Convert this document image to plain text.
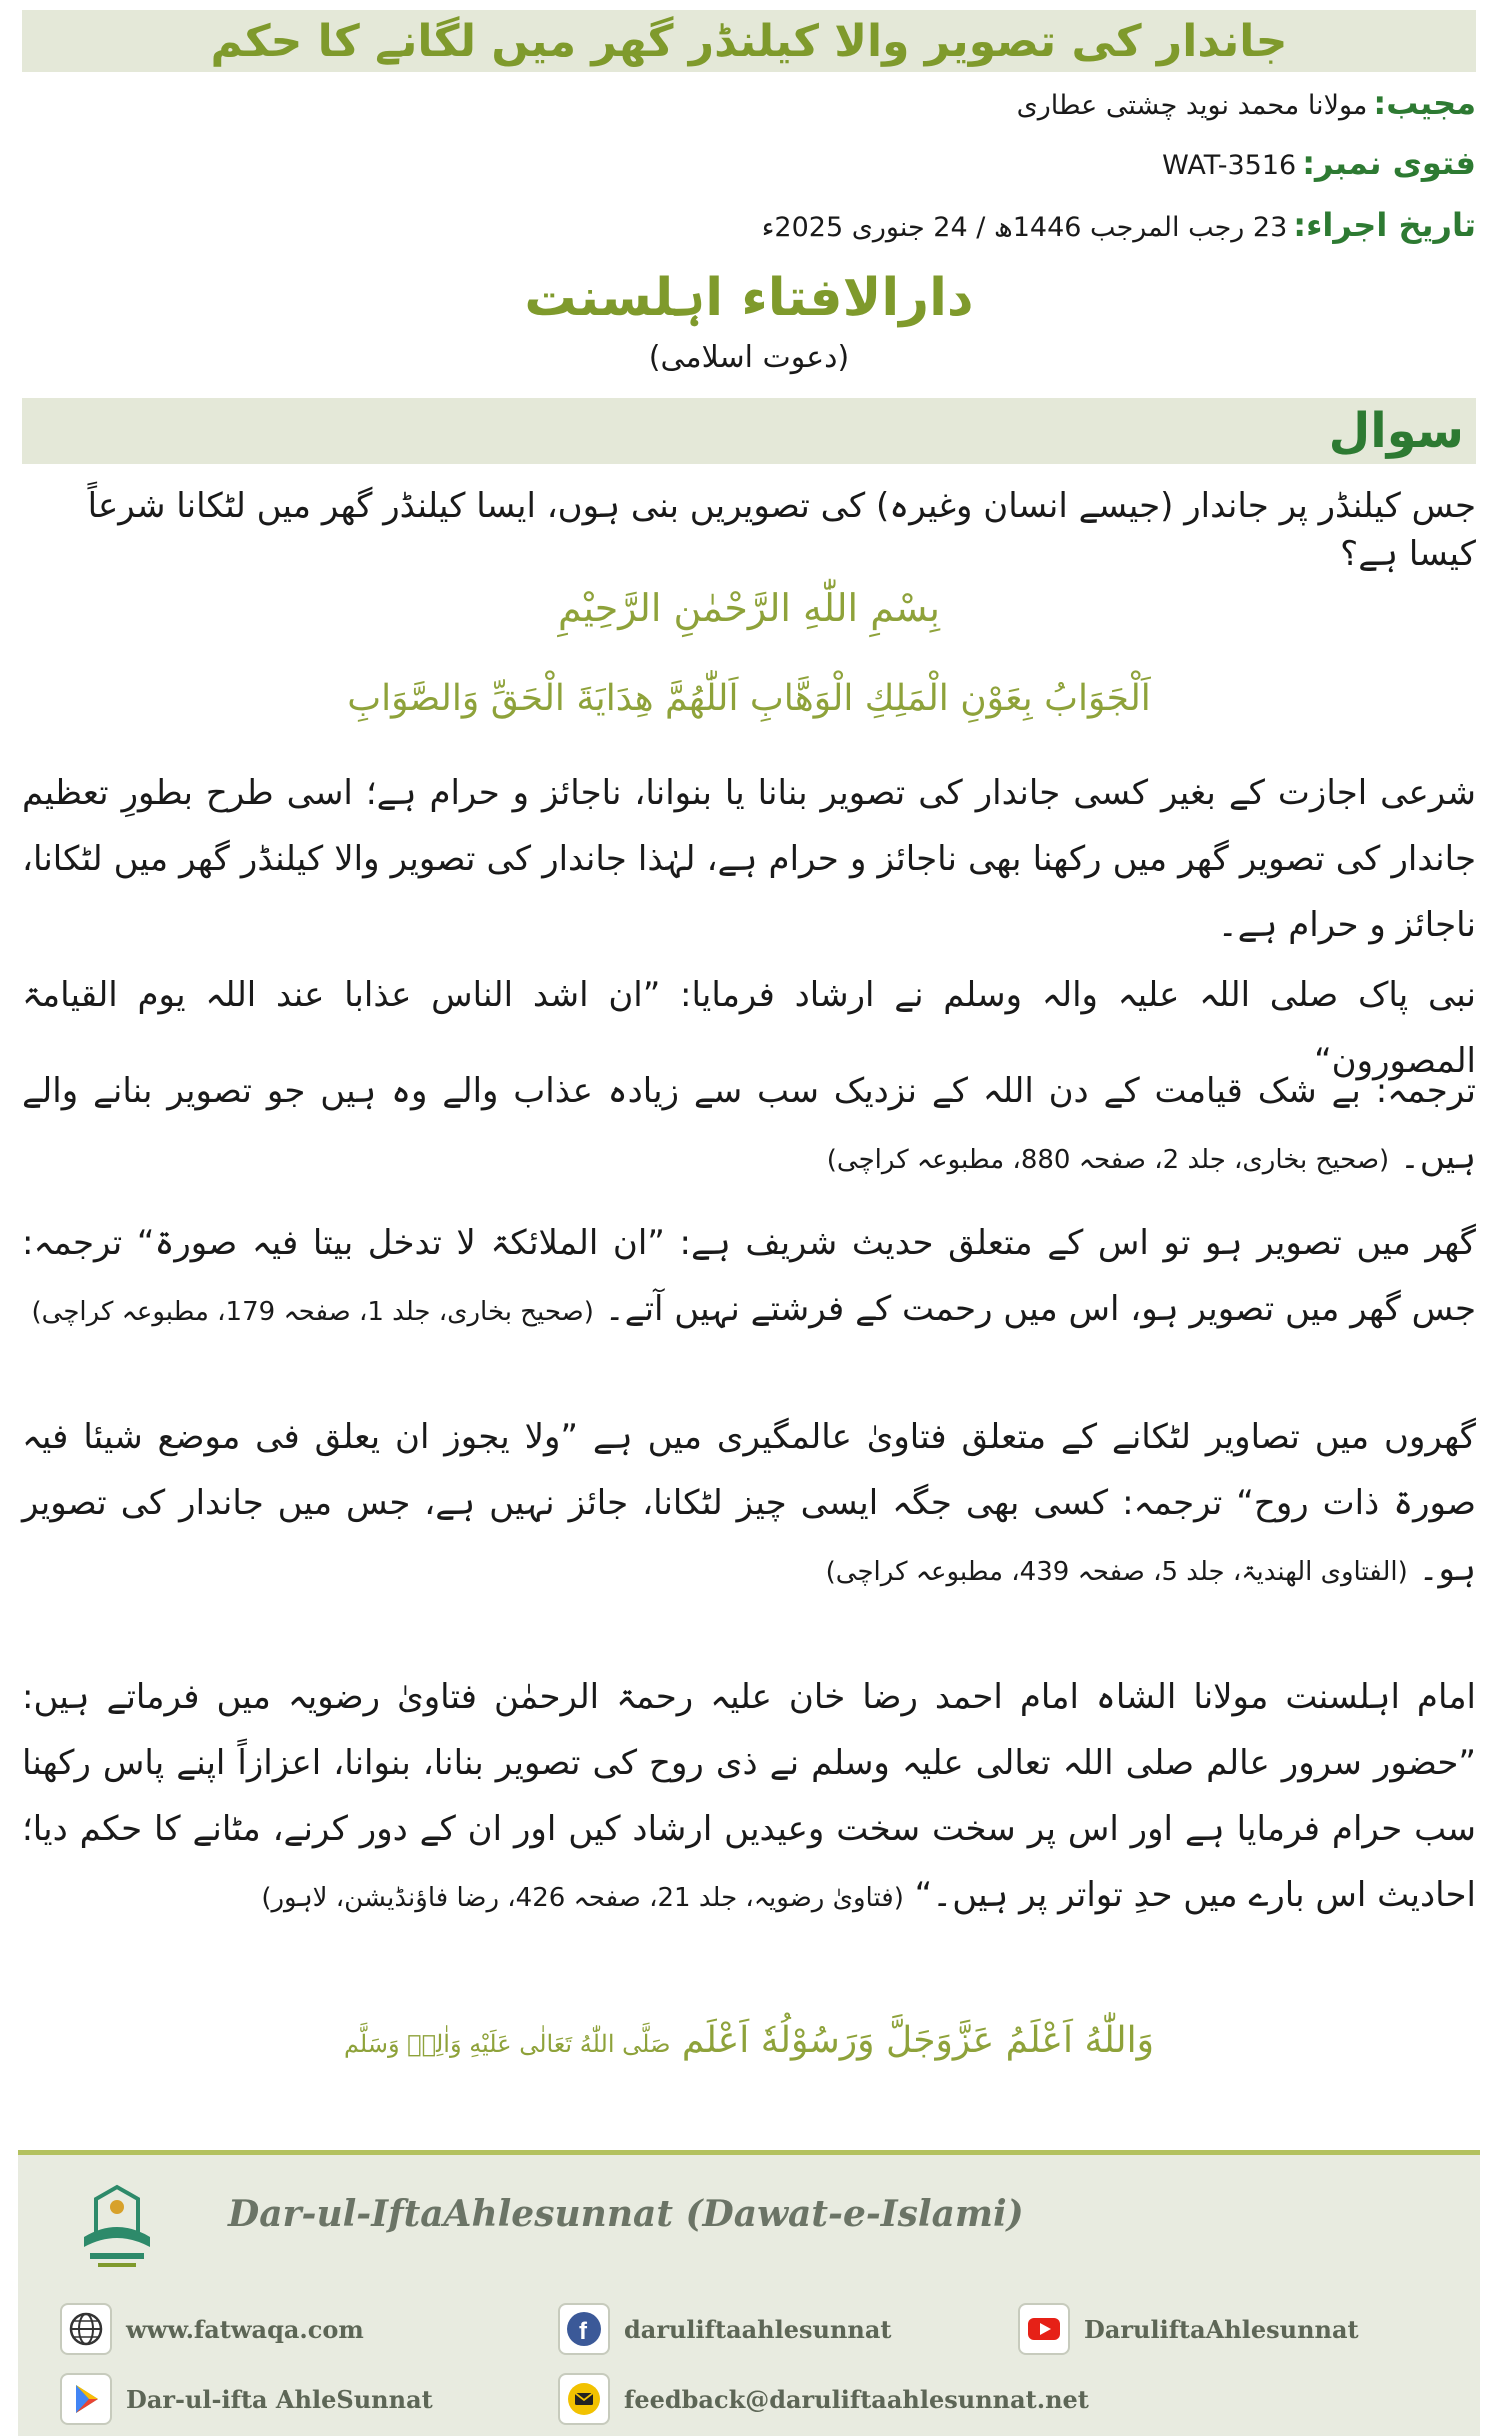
جاندار کی تصویر والا کیلنڈر گھر میں لگانے کا حکم
مجیب:
مولانا محمد نوید چشتی عطاری
فتوی نمبر:
WAT-3516
تاریخ اجراء:
23 رجب المرجب 1446ھ / 24 جنوری 2025ء
دارالافتاء اہلسنت
(دعوت اسلامی)
سوال
جس کیلنڈر پر جاندار (جیسے انسان وغیرہ) کی تصویریں بنی ہوں، ایسا کیلنڈر گھر میں لٹکانا شرعاً کیسا ہے؟
بِسْمِ اللّٰهِ الرَّحْمٰنِ الرَّحِيْمِ
اَلْجَوَابُ بِعَوْنِ الْمَلِكِ الْوَهَّابِ اَللّٰهُمَّ هِدَايَةَ الْحَقِّ وَالصَّوَابِ
شرعی اجازت کے بغیر کسی جاندار کی تصویر بنانا یا بنوانا، ناجائز و حرام ہے؛ اسی طرح بطورِ تعظیم جاندار کی تصویر گھر میں رکھنا بھی ناجائز و حرام ہے، لہٰذا جاندار کی تصویر والا کیلنڈر گھر میں لٹکانا، ناجائز و حرام ہے۔
نبی پاک صلی اللہ علیہ والہ وسلم نے ارشاد فرمایا: ”ان اشد الناس عذابا عند اللہ یوم القیامۃ المصورون“
ترجمہ: بے شک قیامت کے دن اللہ کے نزدیک سب سے زیادہ عذاب والے وہ ہیں جو تصویر بنانے والے ہیں۔ (صحیح بخاری، جلد 2، صفحہ 880، مطبوعہ کراچی)
گھر میں تصویر ہو تو اس کے متعلق حدیث شریف ہے: ”ان الملائکۃ لا تدخل بیتا فیہ صورۃ“ ترجمہ: جس گھر میں تصویر ہو، اس میں رحمت کے فرشتے نہیں آتے۔ (صحیح بخاری، جلد 1، صفحہ 179، مطبوعہ کراچی)
گھروں میں تصاویر لٹکانے کے متعلق فتاویٰ عالمگیری میں ہے ”ولا یجوز ان یعلق فی موضع شیئا فیہ صورۃ ذات روح“ ترجمہ: کسی بھی جگہ ایسی چیز لٹکانا، جائز نہیں ہے، جس میں جاندار کی تصویر ہو۔ (الفتاوی الھندیۃ، جلد 5، صفحہ 439، مطبوعہ کراچی)
امام اہلسنت مولانا الشاہ امام احمد رضا خان علیہ رحمۃ الرحمٰن فتاویٰ رضویہ میں فرماتے ہیں: ”حضور سرور عالم صلی اللہ تعالی علیہ وسلم نے ذی روح کی تصویر بنانا، بنوانا، اعزازاً اپنے پاس رکھنا سب حرام فرمایا ہے اور اس پر سخت سخت وعیدیں ارشاد کیں اور ان کے دور کرنے، مٹانے کا حکم دیا؛ احادیث اس بارے میں حدِ تواتر پر ہیں۔“ (فتاویٰ رضویہ، جلد 21، صفحہ 426، رضا فاؤنڈیشن، لاہور)
وَاللّٰهُ اَعْلَمُ عَزَّوَجَلَّ وَرَسُوْلُهٗ اَعْلَم صَلَّی اللّٰهُ تَعَالٰی عَلَيْهِ وَاٰلِهٖ وَسَلَّم
Dar-ul-IftaAhlesunnat (Dawat-e-Islami)
www.fatwaqa.com	f daruliftaahlesunnat	DaruliftaAhlesunnat
Dar-ul-ifta AhleSunnat	feedback@daruliftaahlesunnat.net
